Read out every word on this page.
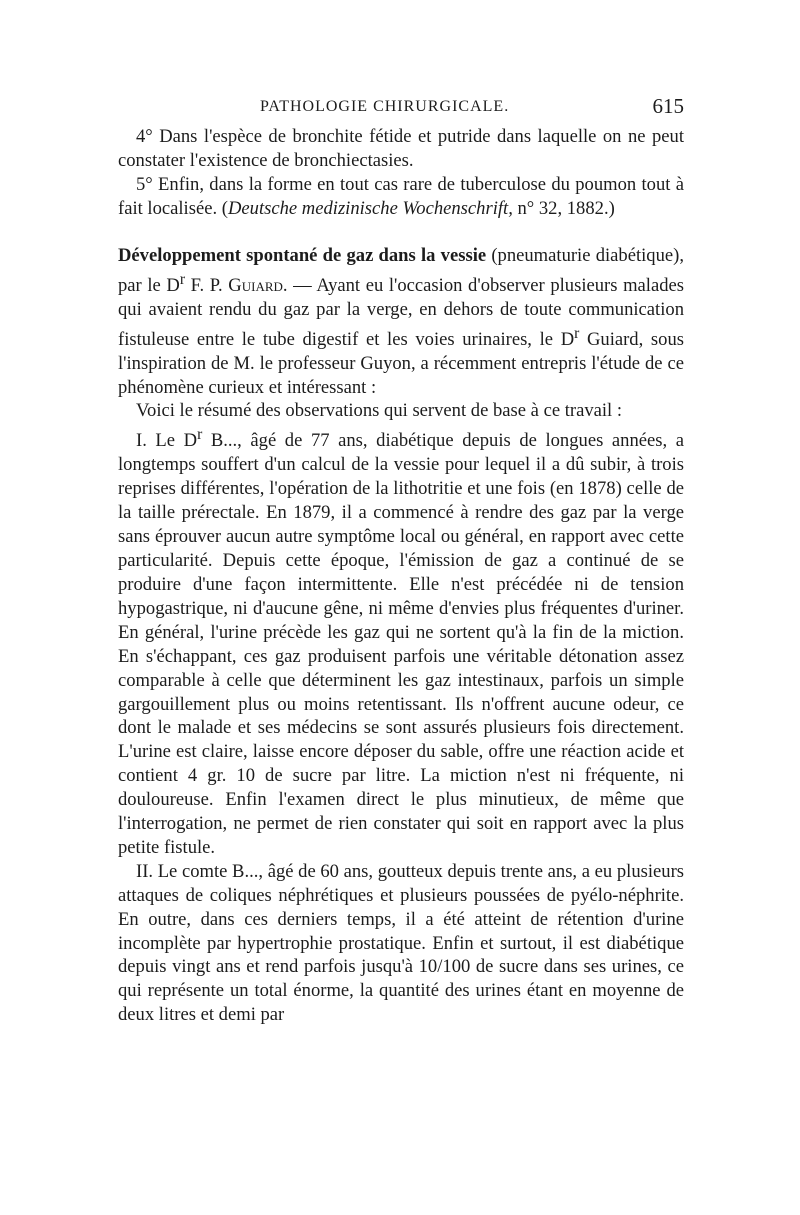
PATHOLOGIE CHIRURGICALE.	615

4° Dans l'espèce de bronchite fétide et putride dans laquelle on ne peut constater l'existence de bronchiectasies.

5° Enfin, dans la forme en tout cas rare de tuberculose du poumon tout à fait localisée. (Deutsche medizinische Wochenschrift, n° 32, 1882.)

Développement spontané de gaz dans la vessie (pneumaturie diabétique), par le $D^r$ F. P. Guiard. — Ayant eu l'occasion d'observer plusieurs malades qui avaient rendu du gaz par la verge, en dehors de toute communication fistuleuse entre le tube digestif et les voies urinaires, le $D^r$ Guiard, sous l'inspiration de M. le professeur Guyon, a récemment entrepris l'étude de ce phénomène curieux et intéressant :

Voici le résumé des observations qui servent de base à ce travail :

I. Le $D^r$ B..., âgé de 77 ans, diabétique depuis de longues années, a longtemps souffert d'un calcul de la vessie pour lequel il a dû subir, à trois reprises différentes, l'opération de la lithotritie et une fois (en 1878) celle de la taille prérectale. En 1879, il a commencé à rendre des gaz par la verge sans éprouver aucun autre symptôme local ou général, en rapport avec cette particularité. Depuis cette époque, l'émission de gaz a continué de se produire d'une façon intermittente. Elle n'est précédée ni de tension hypogastrique, ni d'aucune gêne, ni même d'envies plus fréquentes d'uriner. En général, l'urine précède les gaz qui ne sortent qu'à la fin de la miction. En s'échappant, ces gaz produisent parfois une véritable détonation assez comparable à celle que déterminent les gaz intestinaux, parfois un simple gargouillement plus ou moins retentissant. Ils n'offrent aucune odeur, ce dont le malade et ses médecins se sont assurés plusieurs fois directement. L'urine est claire, laisse encore déposer du sable, offre une réaction acide et contient 4 gr. 10 de sucre par litre. La miction n'est ni fréquente, ni douloureuse. Enfin l'examen direct le plus minutieux, de même que l'interrogation, ne permet de rien constater qui soit en rapport avec la plus petite fistule.

II. Le comte B..., âgé de 60 ans, goutteux depuis trente ans, a eu plusieurs attaques de coliques néphrétiques et plusieurs poussées de pyélo-néphrite. En outre, dans ces derniers temps, il a été atteint de rétention d'urine incomplète par hypertrophie prostatique. Enfin et surtout, il est diabétique depuis vingt ans et rend parfois jusqu'à 10/100 de sucre dans ses urines, ce qui représente un total énorme, la quantité des urines étant en moyenne de deux litres et demi par
